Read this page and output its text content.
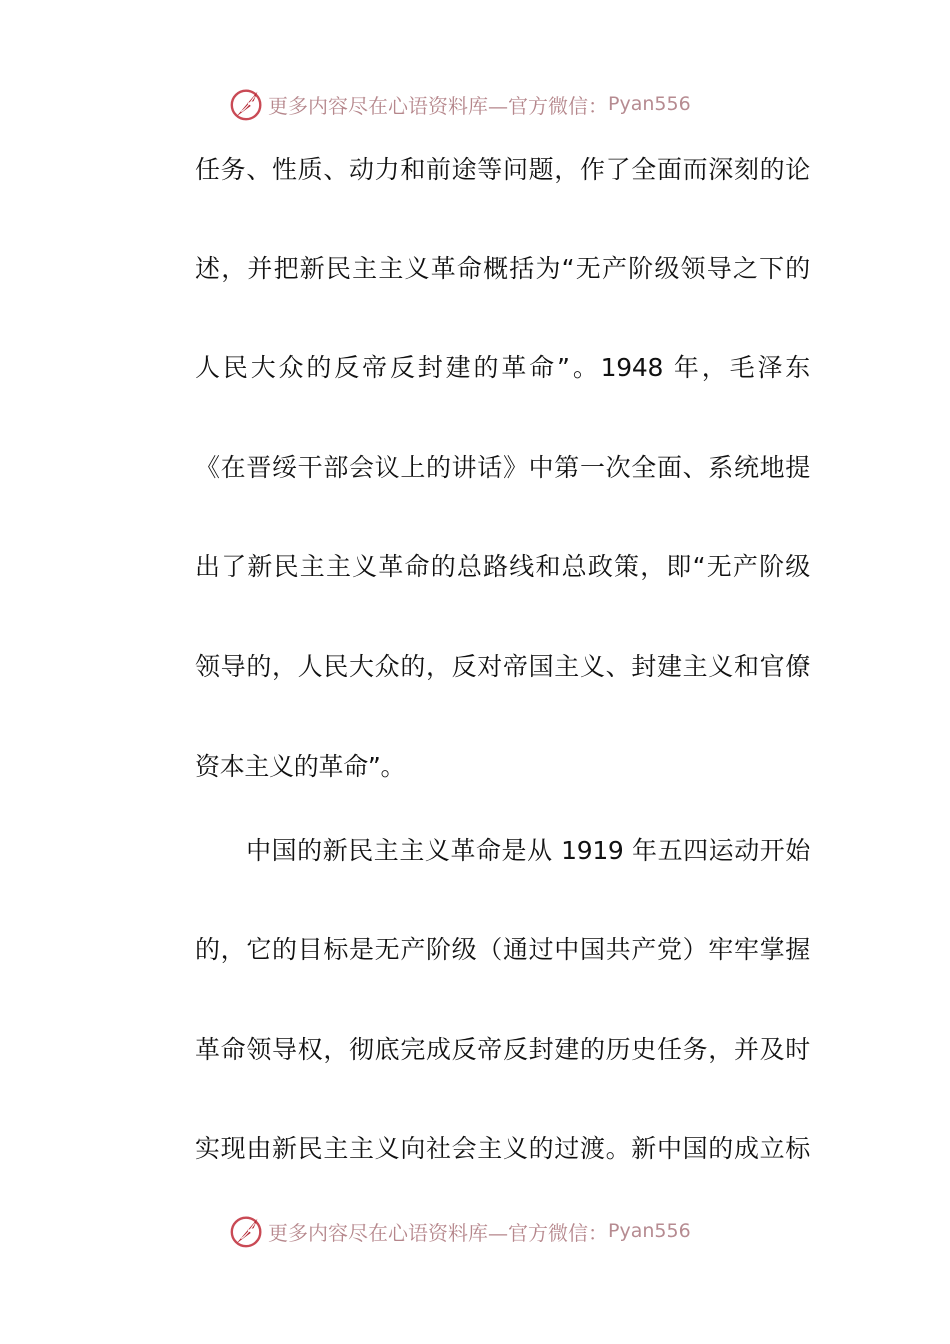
更多内容尽在心语资料库—官方微信： Pyan556
任务、性质、动力和前途等问题，作了全面而深刻的论
述，并把新民主主义革命概括为“无产阶级领导之下的
人民大众的反帝反封建的革命”。1948 年，毛泽东
《在晋绥干部会议上的讲话》中第一次全面、系统地提
出了新民主主义革命的总路线和总政策，即“无产阶级
领导的，人民大众的，反对帝国主义、封建主义和官僚
资本主义的革命”。
　　中国的新民主主义革命是从 1919 年五四运动开始
的，它的目标是无产阶级（通过中国共产党）牢牢掌握
革命领导权，彻底完成反帝反封建的历史任务，并及时
实现由新民主主义向社会主义的过渡。新中国的成立标
更多内容尽在心语资料库—官方微信： Pyan556
